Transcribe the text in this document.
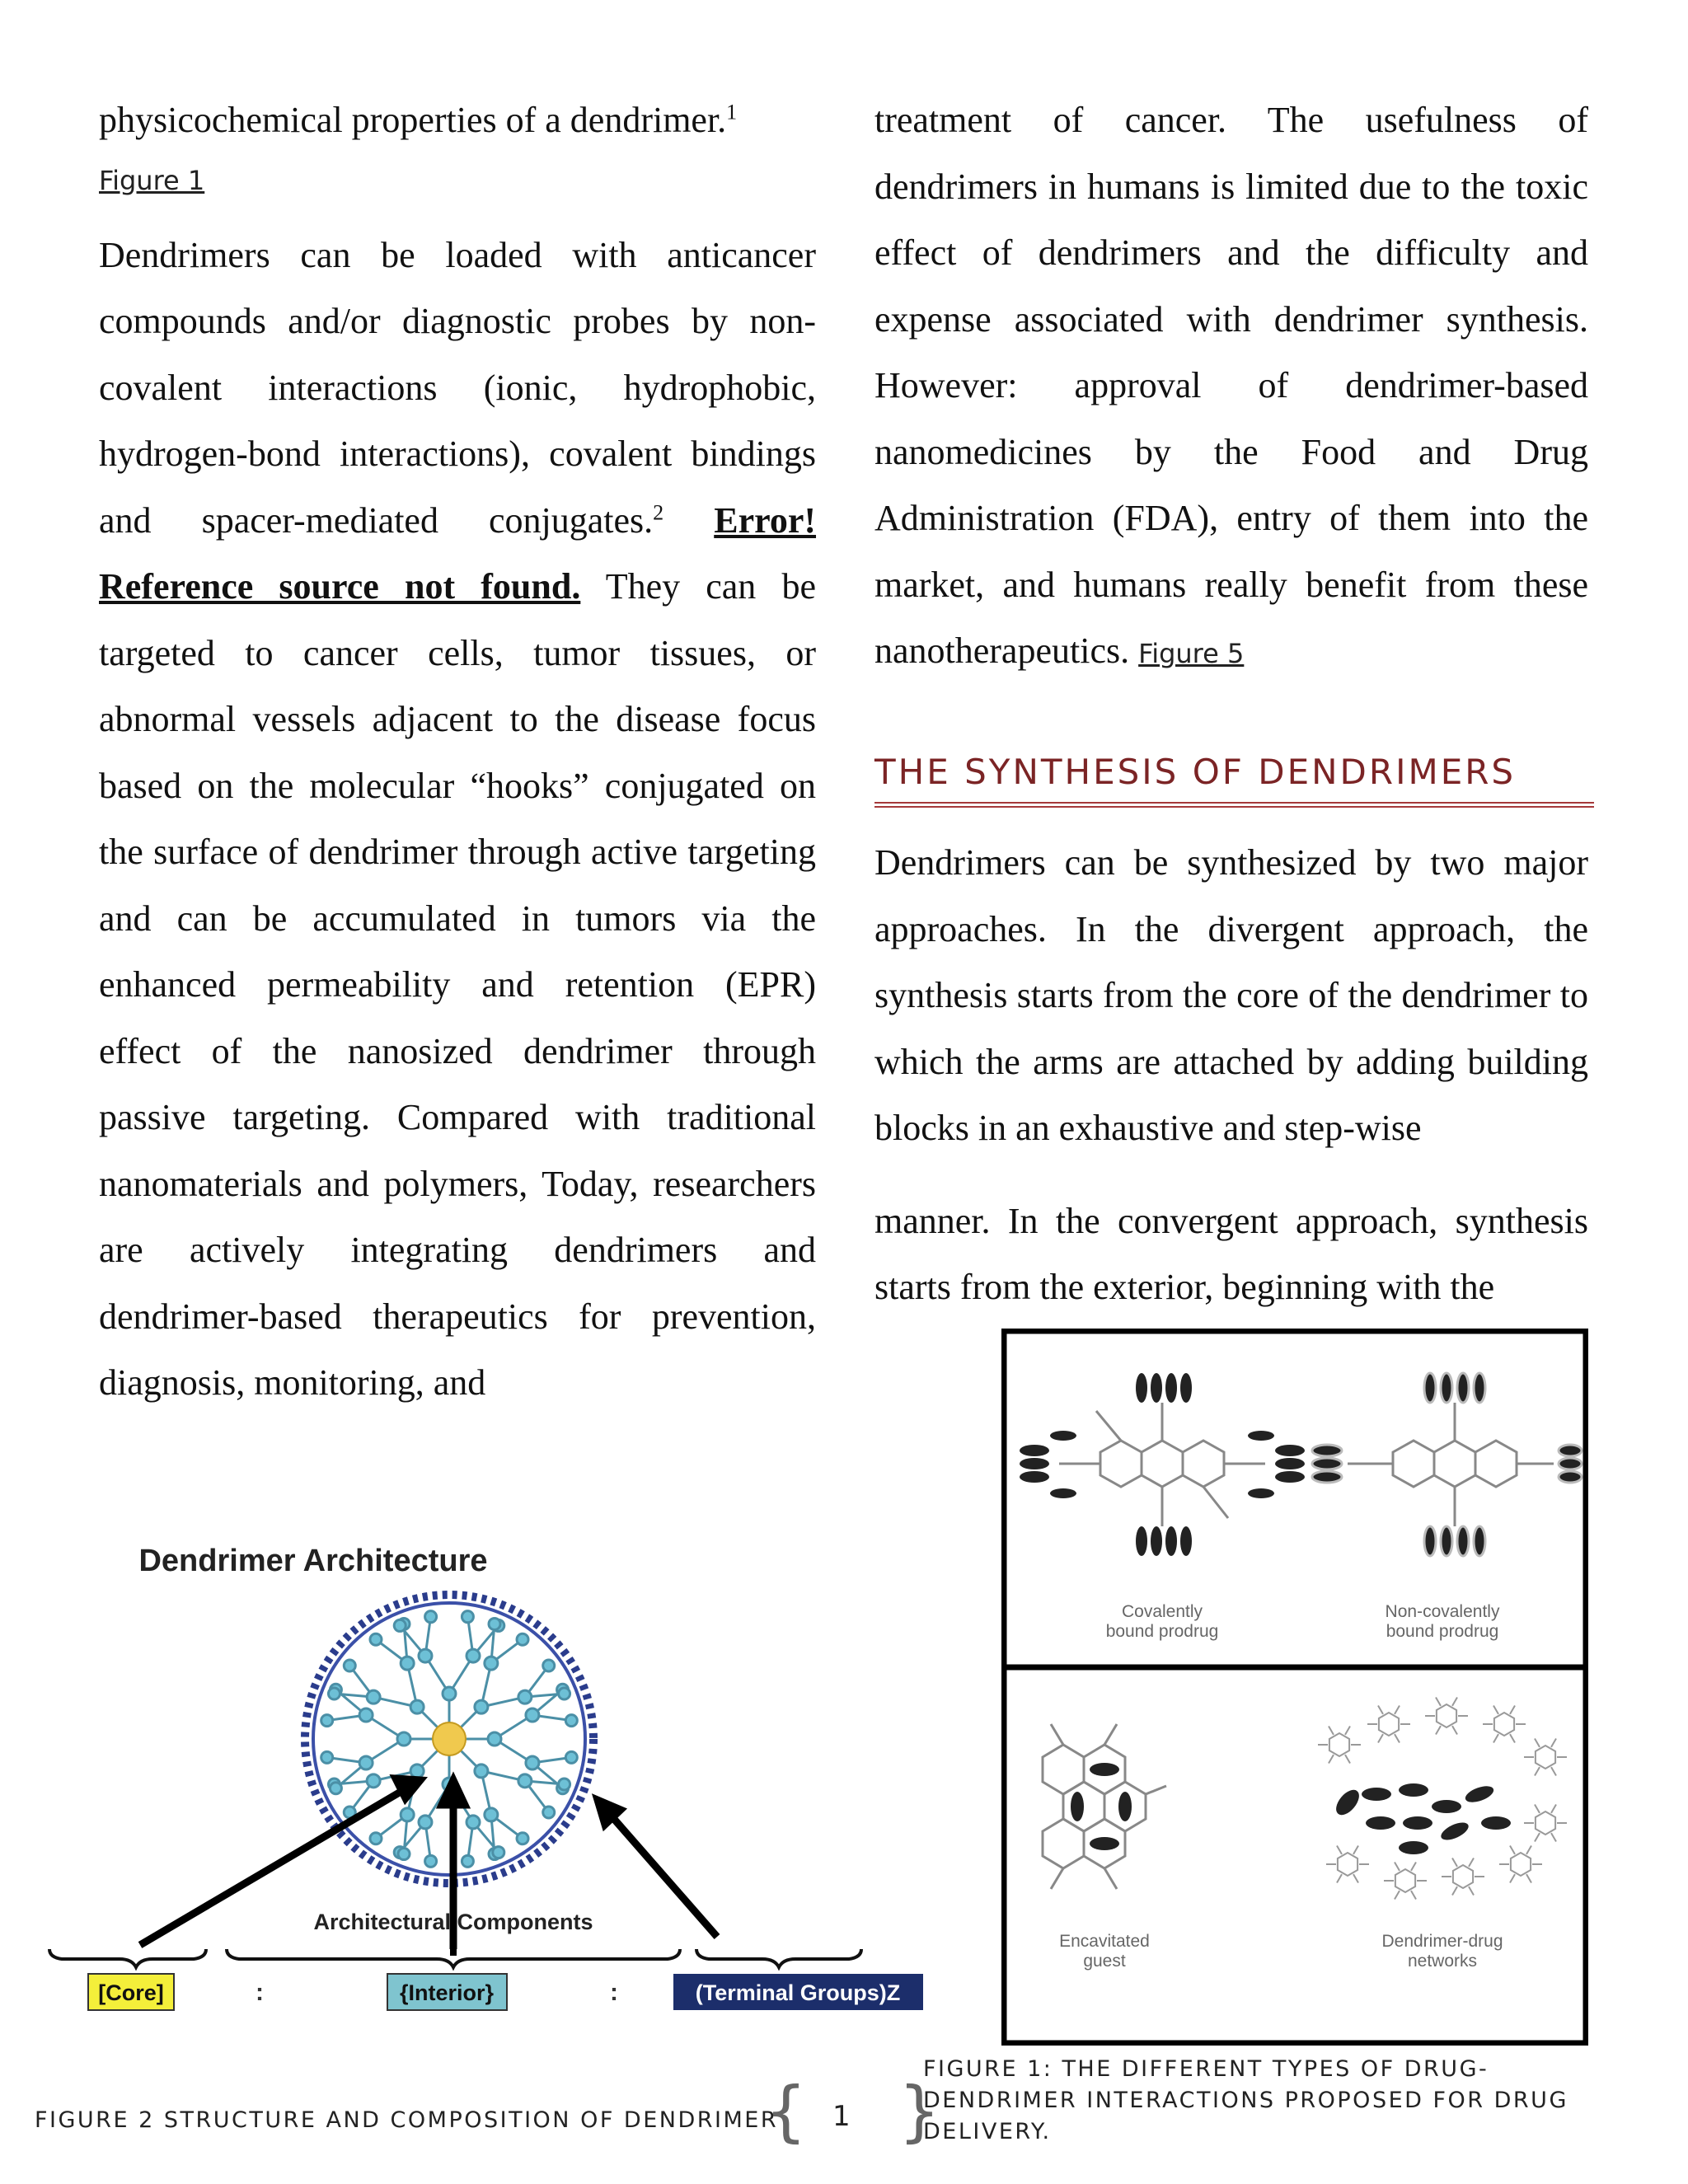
physicochemical properties of a dendrimer.$^1$

Figure 1

Dendrimers can be loaded with anticancer compounds and/or diagnostic probes by non-covalent interactions (ionic, hydrophobic, hydrogen-bond interactions), covalent bindings and spacer-mediated conjugates.$^2$ Error! Reference source not found. They can be targeted to cancer cells, tumor tissues, or abnormal vessels adjacent to the disease focus based on the molecular “hooks” conjugated on the surface of dendrimer through active targeting and can be accumulated in tumors via the enhanced permeability and retention (EPR) effect of the nanosized dendrimer through passive targeting. Compared with traditional nanomaterials and polymers, Today, researchers are actively integrating dendrimers and dendrimer-based therapeutics for prevention, diagnosis, monitoring, and

treatment of cancer. The usefulness of dendrimers in humans is limited due to the toxic effect of dendrimers and the difficulty and expense associated with dendrimer synthesis. However: approval of dendrimer-based nanomedicines by the Food and Drug Administration (FDA), entry of them into the market, and humans really benefit from these nanotherapeutics. Figure 5

THE SYNTHESIS OF DENDRIMERS

Dendrimers can be synthesized by two major approaches. In the divergent approach, the synthesis starts from the core of the dendrimer to which the arms are attached by adding building blocks in an exhaustive and step-wise

manner. In the convergent approach, synthesis starts from the exterior, beginning with the

Dendrimer Architecture
Architectural Components
[Core]	:	{Interior}	:	(Terminal Groups)Z
Covalently bound prodrug
Non-covalently bound prodrug
Encavitated guest
Dendrimer-drug networks
FIGURE 2 STRUCTURE AND COMPOSITION OF DENDRIMER
FIGURE 1: THE DIFFERENT TYPES OF DRUG-
DENDRIMER INTERACTIONS PROPOSED FOR DRUG
DELIVERY.
{ 1 }
